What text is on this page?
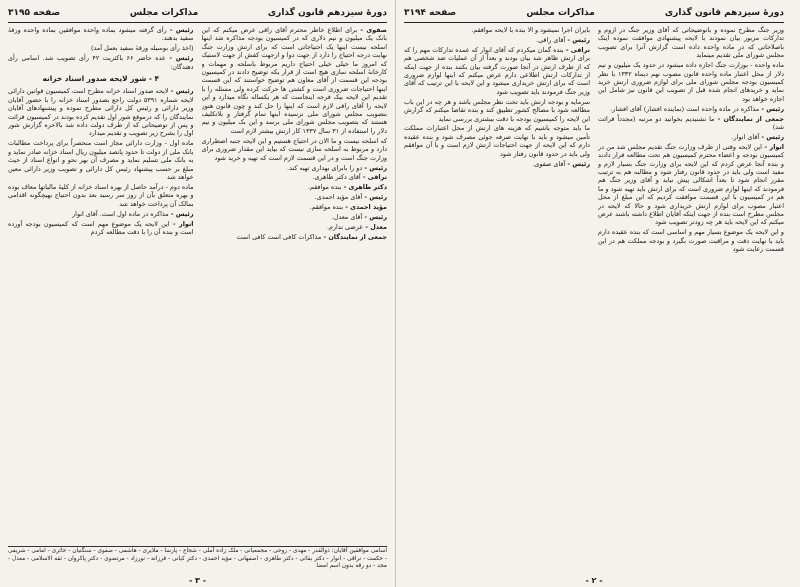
دورهٔ سیزدهم قانون گذاری
مذاکرات مجلس
صفحه ۳۱۹۵

صفوی - برای اطلاع خاطر محترم آقای راقی عرض میکنم که این بانک یک میلیون و نیم دلاری که در کمیسیون بودجه مذاکره شد اینها اسلحه نیست اینها یک احتیاجاتی است که برای ارتش وزارت جنگ نهایت درجه احتیاج را دارد از جهت دوا و ازجهت کفش از جهت لاستیک که امروز ما خیلی خیلی احتیاج داریم مربوط باسلحه و مهمات و کارخانهٔ اسلحه سازی هیچ است از قرار یکه توضیح دادند در کمیسیون بودجه این قسمت از آقای معاون هم توضیح خواستند که این قسمت اینها احتیاجات ضروری است و کشتی ها حرکت کرده ولی مسئله را با تقدیم این لایحه بیک فرجه اینجاست که هر یکساله نگاه میدارد و این لایحه را آقای راقی لازم است که اینها را حل کند و چون قانون هنوز بتصویب مجلس شورای ملی نرسیده اینها تمام گرفتار و بلاتکلیف هستند که بتصویب مجلس شورای ملی برسد و این بک میلیون و نیم دلار را استفاده از ۳۱ سال ۱۳۳۷ کار ارتش بیشتر لازم است

که اسلحه نیست و ما الان در احتیاج هستیم و این لایحه جنبه اضطراری دارد و مربوط به اسلحه سازی نیست که بیاید این مقدار ضروری برای وزارت جنگ است و در این قسمت لازم است که تهیه و خرید شود

رئیس - دو را بابرای بهداری تهیه کند.

نراقی - آقای دکتر طاهری.

دکتر طاهری - بنده موافقم.

رئیس - آقای مؤید احمدی.

مؤید احمدی - بنده موافقم.

رئیس - آقای معدل.

معدل - عرضی ندارم.

جمعی از نمایندگان - مذاکرات کافی است کافی است

رئیس - رأی گرفته میشود بماده واحده موافقین بماده واحده ورقهٔ سفید بدهند.

(اخذ رأی بوسیله ورقهٔ سفید بعمل آمد)

رئیس - عده حاضر ۶۶ باکثریت ۴۲ رأی تصویب شد. اسامی رأی دهندگان:

۴ - شور لایحه صدور اسناد خزانه

رئیس - لایحه صدور اسناد خزانه مطرح است کمیسیون قوانین دارائی لایحه شماره ۵۳۹۱ دولت راجع بصدور اسناد خزانه را با حضور آقایان وزیر دارائی و رئیس کل دارائی مطرح نموده و پیشنهادهای آقایان نمایندگان را که درموقع شور اول تقدیم کرده بودند در کمیسیون قرائت و پس از توضیحاتی که از طرف دولت داده شد بالاخره گزارش شور اول را بشرح زیر تصویب و تقدیم میدارد

ماده اول - وزارت دارائی مجاز است منحصراً برای پرداخت مطالبات بانک ملی از دولت تا حدود پانصد میلیون ریال اسناد خزانه صادر نماید و به بانک ملی تسلیم نماید و مصرف آن بهر نحو و انواع اسناد از حیث مبلغ بر حسب پیشنهاد رئیس کل دارائی و تصویب وزیر دارائی معین خواهد شد

ماده دوم - درآمد حاصل از بهره اسناد خزانه از کلیهٔ مالیاتها معاف بوده و بهره متعلق بآن از روز سر رسید بعد بدون احتیاج بهیچگونه اقدامی بمالک آن پرداخت خواهد شد

رئیس - مذاکره در ماده اول است. آقای انوار

انوار - این لایحه یک موضوع مهم است که کمیسیون بودجه آورده است و بنده آن را با دقت مطالعه کردم

اسامی موافقین آقایان: ذوالقدر - مهدی - روحی - مجمعیانی - ملک زاده آملی - شجاع - پارسا - ملایری - هاشمی - صفوی - سنگنیان - حائری - امامی - شریفی - حکمت - نراقی - انوار - دکتر بقائی - دکتر طاهری - اصفهانی - مؤید احمدی - دکتر کیانی - فرزانه - نورزاد - مرتضوی - دکتر پاکروان - ثقه الاسلامی - معدل - مجد - دو رقه بدون اسم امضا
- ۳ -
دورهٔ سیزدهم قانون گذاری
مذاکرات مجلس
صفحه ۳۱۹۴

وزیر جنگ مطرح نموده و باتوضیحاتی که آقای وزیر جنگ در ازوم و تدارکات مزبور بیان نمودند با لایحه پیشنهادی موافقت نموده اینک باصلاحاتی که در ماده واحده داده است گزارش آنرا برای تصویب مجلس شورای ملی تقدیم مینماید

ماده واحده - بوزارت جنگ اجازه داده میشود در حدود یک میلیون و نیم دلار از محل اعتبار ماده واحده قانون مصوب نهم دیماه ۱۳۳۲ با نظر کمیسیون بودجه مجلس شورای ملی برای لوازم ضروری ارتش خرید نماید و خریدهای انجام شده قبل از تصویب این قانون نیز شامل این اجازه خواهد بود

رئیس - مذاکره در ماده واحده است (نماینده افشار) آقای افشار.

جمعی از نمایندگان - ما نشنیدیم بخوانید دو مرتبه (مجدداً قرائت شد)

رئیس - آقای انوار.

انوار - این لایحه وقتی از طرف وزارت جنگ تقدیم مجلس شد من در کمیسیون بودجه و اعضاء محترم کمیسیون هم تحت مطالعه قرار دادند و بنده آنجا عرض کردم که این لایحه برای وزارت جنگ بسیار لازم و مفید است ولی باید در حدود قانون رفتار شود و مطالبه هم به ترتیب مقرر انجام شود تا بعداً اشکالی پیش نیاید و آقای وزیر جنگ هم فرمودند که اینها لوازم ضروری است که برای ارتش باید تهیه شود و ما هم در کمیسیون با این قسمت موافقت کردیم که این مبلغ از محل اعتبار مصوب برای لوازم ارتش خریداری شود و حالا که لایحه در مجلس مطرح است بنده از جهت اینکه آقایان اطلاع داشته باشند عرض میکنم که این لایحه باید هر چه زودتر تصویب شود

و این لایحه یک موضوع بسیار مهم و اساسی است که بنده عقیده دارم باید با نهایت دقت و مراقبت صورت بگیرد و بودجه مملکت هم در این قسمت رعایت شود

بایران اجرا نمیشود و الا بنده با لایحه موافقم.

رئیس - آقای راقی.

نراقی - بنده گمان میکردم که آقای انوار که عمده تدارکات مهم را که برای ارتش ظاهر شد بیان بودند و بعداً از آن عملیات ضد شخصی هم که از طرف ارتش در آنجا صورت گرفته بیان بکنند بنده از جهت اینکه از تدارکات ارتش اطلاعی دارم عرض میکنم که اینها لوازم ضروری است که برای ارتش خریداری میشود و این لایحه با این ترتیب که آقای وزیر جنگ فرمودند باید تصویب شود

سرمایه و بودجه ارتش باید تحت نظر مجلس باشد و هر چه در این باب مطالعه شود با مصالح کشور تطبیق کند و بنده تقاضا میکنم که گزارش این لایحه را کمیسیون بودجه با دقت بیشتری بررسی نماید

ما باید متوجه باشیم که هزینه های ارتش از محل اعتبارات مملکت تأمین میشود و باید با نهایت صرفه جوئی مصرف شود و بنده عقیده دارم که این لایحه از جهت احتیاجات ارتش لازم است و با آن موافقم ولی باید در حدود قانون رفتار شود

رئیس - آقای صفوی.

- ۲ -
